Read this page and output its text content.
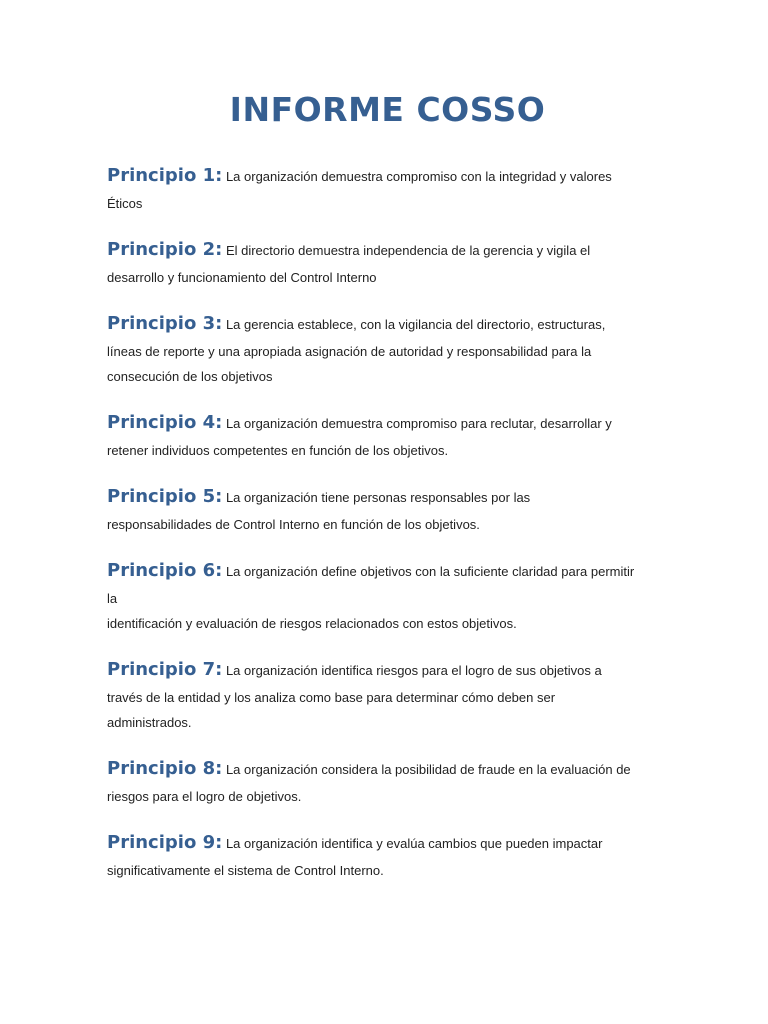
INFORME COSSO
Principio 1: La organización demuestra compromiso con la integridad y valores
Éticos
Principio 2: El directorio demuestra independencia de la gerencia y vigila el
desarrollo y funcionamiento del Control Interno
Principio 3: La gerencia establece, con la vigilancia del directorio, estructuras,
líneas de reporte y una apropiada asignación de autoridad y responsabilidad para la
consecución de los objetivos
Principio 4: La organización demuestra compromiso para reclutar, desarrollar y
retener individuos competentes en función de los objetivos.
Principio 5: La organización tiene personas responsables por las
responsabilidades de Control Interno en función de los objetivos.
Principio 6: La organización define objetivos con la suficiente claridad para permitir
la
identificación y evaluación de riesgos relacionados con estos objetivos.
Principio 7: La organización identifica riesgos para el logro de sus objetivos a
través de la entidad y los analiza como base para determinar cómo deben ser
administrados.
Principio 8: La organización considera la posibilidad de fraude en la evaluación de
riesgos para el logro de objetivos.
Principio 9: La organización identifica y evalúa cambios que pueden impactar
significativamente el sistema de Control Interno.
